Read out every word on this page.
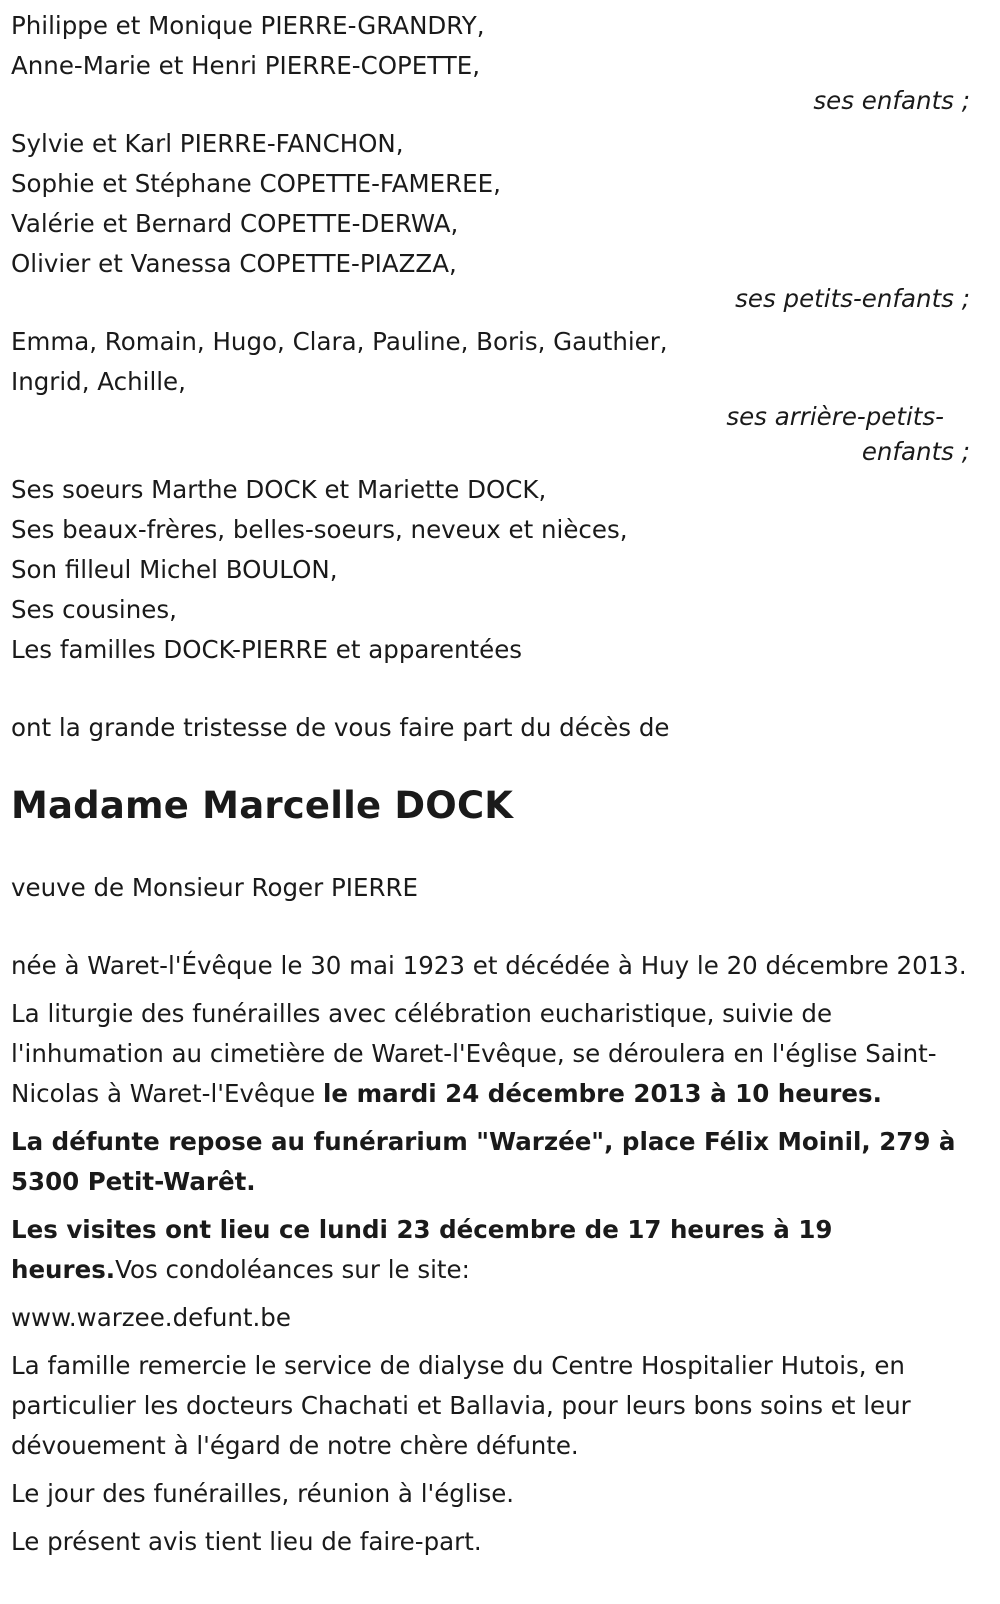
Philippe et Monique PIERRE-GRANDRY,
Anne-Marie et Henri PIERRE-COPETTE,
ses enfants ;
Sylvie et Karl PIERRE-FANCHON,
Sophie et Stéphane COPETTE-FAMEREE,
Valérie et Bernard COPETTE-DERWA,
Olivier et Vanessa COPETTE-PIAZZA,
ses petits-enfants ;
Emma, Romain, Hugo, Clara, Pauline, Boris, Gauthier,
Ingrid, Achille,
ses arrière-petits-
enfants ;
Ses soeurs Marthe DOCK et Mariette DOCK,
Ses beaux-frères, belles-soeurs, neveux et nièces,
Son filleul Michel BOULON,
Ses cousines,
Les familles DOCK-PIERRE et apparentées
ont la grande tristesse de vous faire part du décès de
Madame Marcelle DOCK
veuve de Monsieur Roger PIERRE
née à Waret-l'Évêque le 30 mai 1923 et décédée à Huy le 20 décembre 2013.

La liturgie des funérailles avec célébration eucharistique, suivie de l'inhumation au cimetière de Waret-l'Evêque, se déroulera en l'église Saint-Nicolas à Waret-l'Evêque le mardi 24 décembre 2013 à 10 heures.

La défunte repose au funérarium "Warzée", place Félix Moinil, 279 à 5300 Petit-Warêt.

Les visites ont lieu ce lundi 23 décembre de 17 heures à 19 heures.Vos condoléances sur le site:

www.warzee.defunt.be

La famille remercie le service de dialyse du Centre Hospitalier Hutois, en particulier les docteurs Chachati et Ballavia, pour leurs bons soins et leur dévouement à l'égard de notre chère défunte.

Le jour des funérailles, réunion à l'église.
Le présent avis tient lieu de faire-part.
